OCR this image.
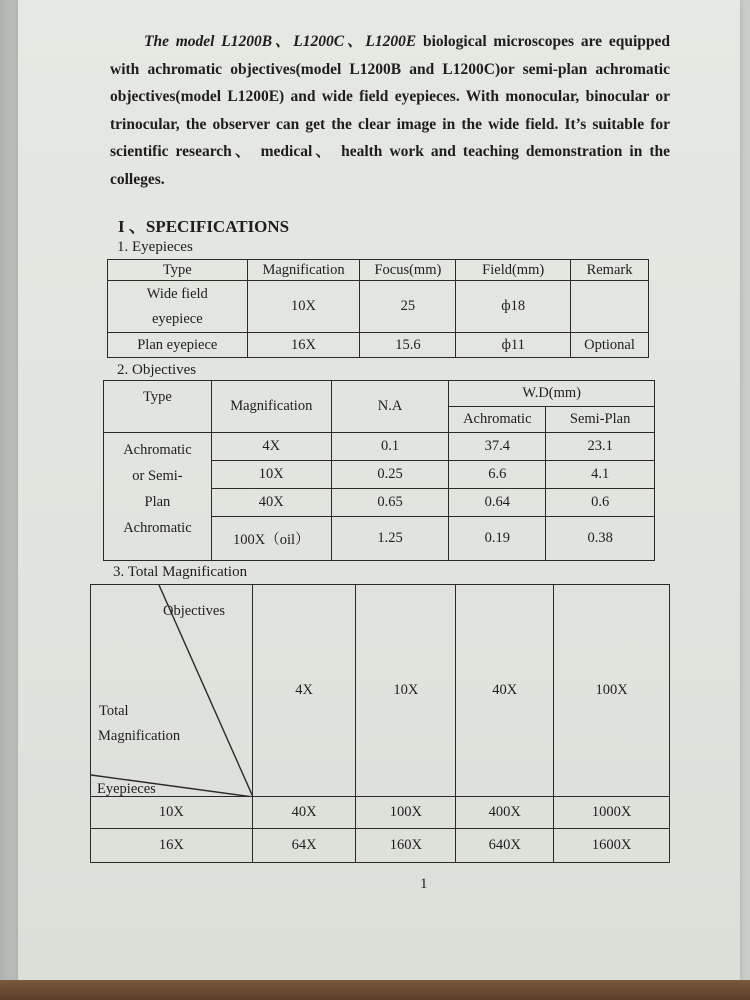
The model L1200B、L1200C、L1200E biological microscopes are equipped with achromatic objectives(model L1200B and L1200C)or semi-plan achromatic objectives(model L1200E) and wide field eyepieces. With monocular, binocular or trinocular, the observer can get the clear image in the wide field. It’s suitable for scientific research、 medical、 health work and teaching demonstration in the colleges.

I 、SPECIFICATIONS

1. Eyepieces

Type	Magnification	Focus(mm)	Field(mm)	Remark
Wide field
eyepiece	10X	25	ф18	
Plan eyepiece	16X	15.6	ф11	Optional

2. Objectives

Type	Magnification	N.A	W.D(mm)	
			Achromatic	Semi-Plan
Achromatic
or Semi-
Plan
Achromatic	4X	0.1	37.4	23.1
	10X	0.25	6.6	4.1
	40X	0.65	0.64	0.6
	100X（oil）	1.25	0.19	0.38

3. Total Magnification

Objectives
Total
Magnification
Eyepieces	4X	10X	40X	100X
10X	40X	100X	400X	1000X
16X	64X	160X	640X	1600X

1
